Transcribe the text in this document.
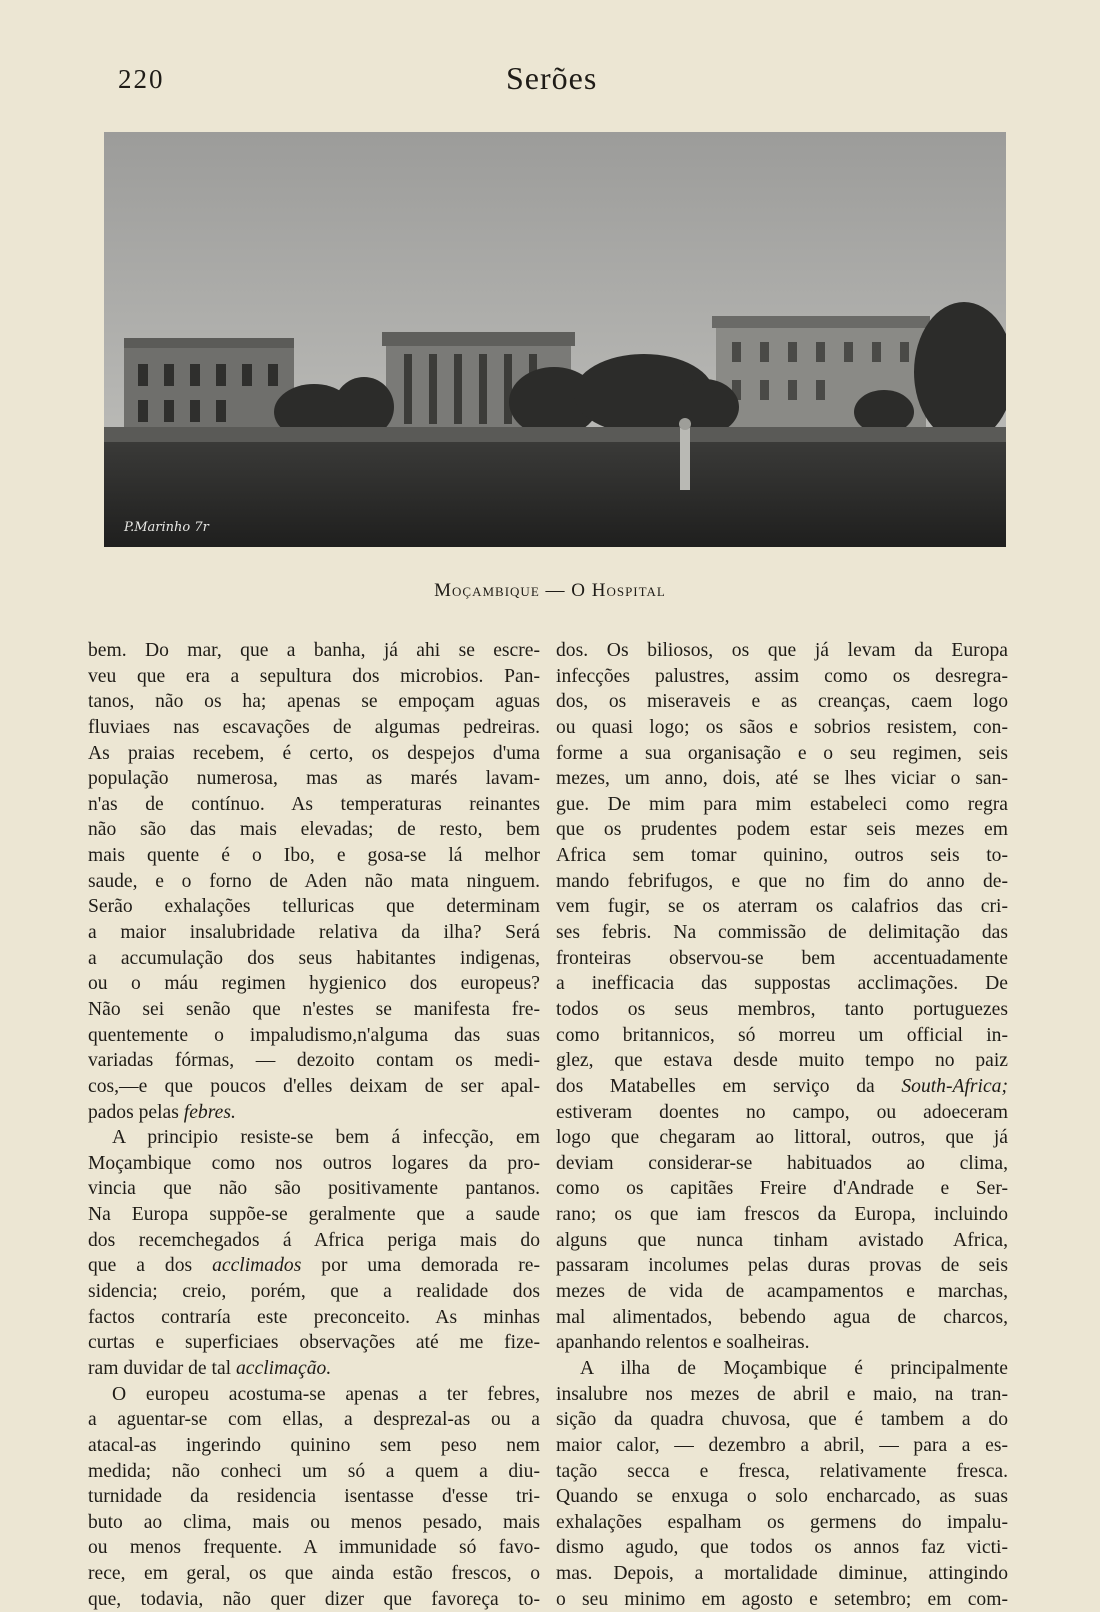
220	Serões
P.Marinho 7r
Moçambique — O Hospital
bem. Do mar, que a banha, já ahi se escre-
veu que era a sepultura dos microbios. Pan-
tanos, não os ha; apenas se empoçam aguas
fluviaes nas escavações de algumas pedreiras.
As praias recebem, é certo, os despejos d'uma
população numerosa, mas as marés lavam-
n'as de contínuo. As temperaturas reinantes
não são das mais elevadas; de resto, bem
mais quente é o Ibo, e gosa-se lá melhor
saude, e o forno de Aden não mata ninguem.
Serão exhalações telluricas que determinam
a maior insalubridade relativa da ilha? Será
a accumulação dos seus habitantes indigenas,
ou o máu regimen hygienico dos europeus?
Não sei senão que n'estes se manifesta fre-
quentemente o impaludismo,n'alguma das suas
variadas fórmas, — dezoito contam os medi-
cos,—e que poucos d'elles deixam de ser apal-
pados pelas febres.
A principio resiste-se bem á infecção, em
Moçambique como nos outros logares da pro-
vincia que não são positivamente pantanos.
Na Europa suppõe-se geralmente que a saude
dos recemchegados á Africa periga mais do
que a dos acclimados por uma demorada re-
sidencia; creio, porém, que a realidade dos
factos contraría este preconceito. As minhas
curtas e superficiaes observações até me fize-
ram duvidar de tal acclimação.
O europeu acostuma-se apenas a ter febres,
a aguentar-se com ellas, a desprezal-as ou a
atacal-as ingerindo quinino sem peso nem
medida; não conheci um só a quem a diu-
turnidade da residencia isentasse d'esse tri-
buto ao clima, mais ou menos pesado, mais
ou menos frequente. A immunidade só favo-
rece, em geral, os que ainda estão frescos, o
que, todavia, não quer dizer que favoreça to-
dos. Os biliosos, os que já levam da Europa
infecções palustres, assim como os desregra-
dos, os miseraveis e as creanças, caem logo
ou quasi logo; os sãos e sobrios resistem, con-
forme a sua organisação e o seu regimen, seis
mezes, um anno, dois, até se lhes viciar o san-
gue. De mim para mim estabeleci como regra
que os prudentes podem estar seis mezes em
Africa sem tomar quinino, outros seis to-
mando febrifugos, e que no fim do anno de-
vem fugir, se os aterram os calafrios das cri-
ses febris. Na commissão de delimitação das
fronteiras observou-se bem accentuadamente
a inefficacia das suppostas acclimações. De
todos os seus membros, tanto portuguezes
como britannicos, só morreu um official in-
glez, que estava desde muito tempo no paiz
dos Matabelles em serviço da South-Africa;
estiveram doentes no campo, ou adoeceram
logo que chegaram ao littoral, outros, que já
deviam considerar-se habituados ao clima,
como os capitães Freire d'Andrade e Ser-
rano; os que iam frescos da Europa, incluindo
alguns que nunca tinham avistado Africa,
passaram incolumes pelas duras provas de seis
mezes de vida de acampamentos e marchas,
mal alimentados, bebendo agua de charcos,
apanhando relentos e soalheiras.
A ilha de Moçambique é principalmente
insalubre nos mezes de abril e maio, na tran-
sição da quadra chuvosa, que é tambem a do
maior calor, — dezembro a abril, — para a es-
tação secca e fresca, relativamente fresca.
Quando se enxuga o solo encharcado, as suas
exhalações espalham os germens do impalu-
dismo agudo, que todos os annos faz victi-
mas. Depois, a mortalidade diminue, attingindo
o seu minimo em agosto e setembro; em com-
